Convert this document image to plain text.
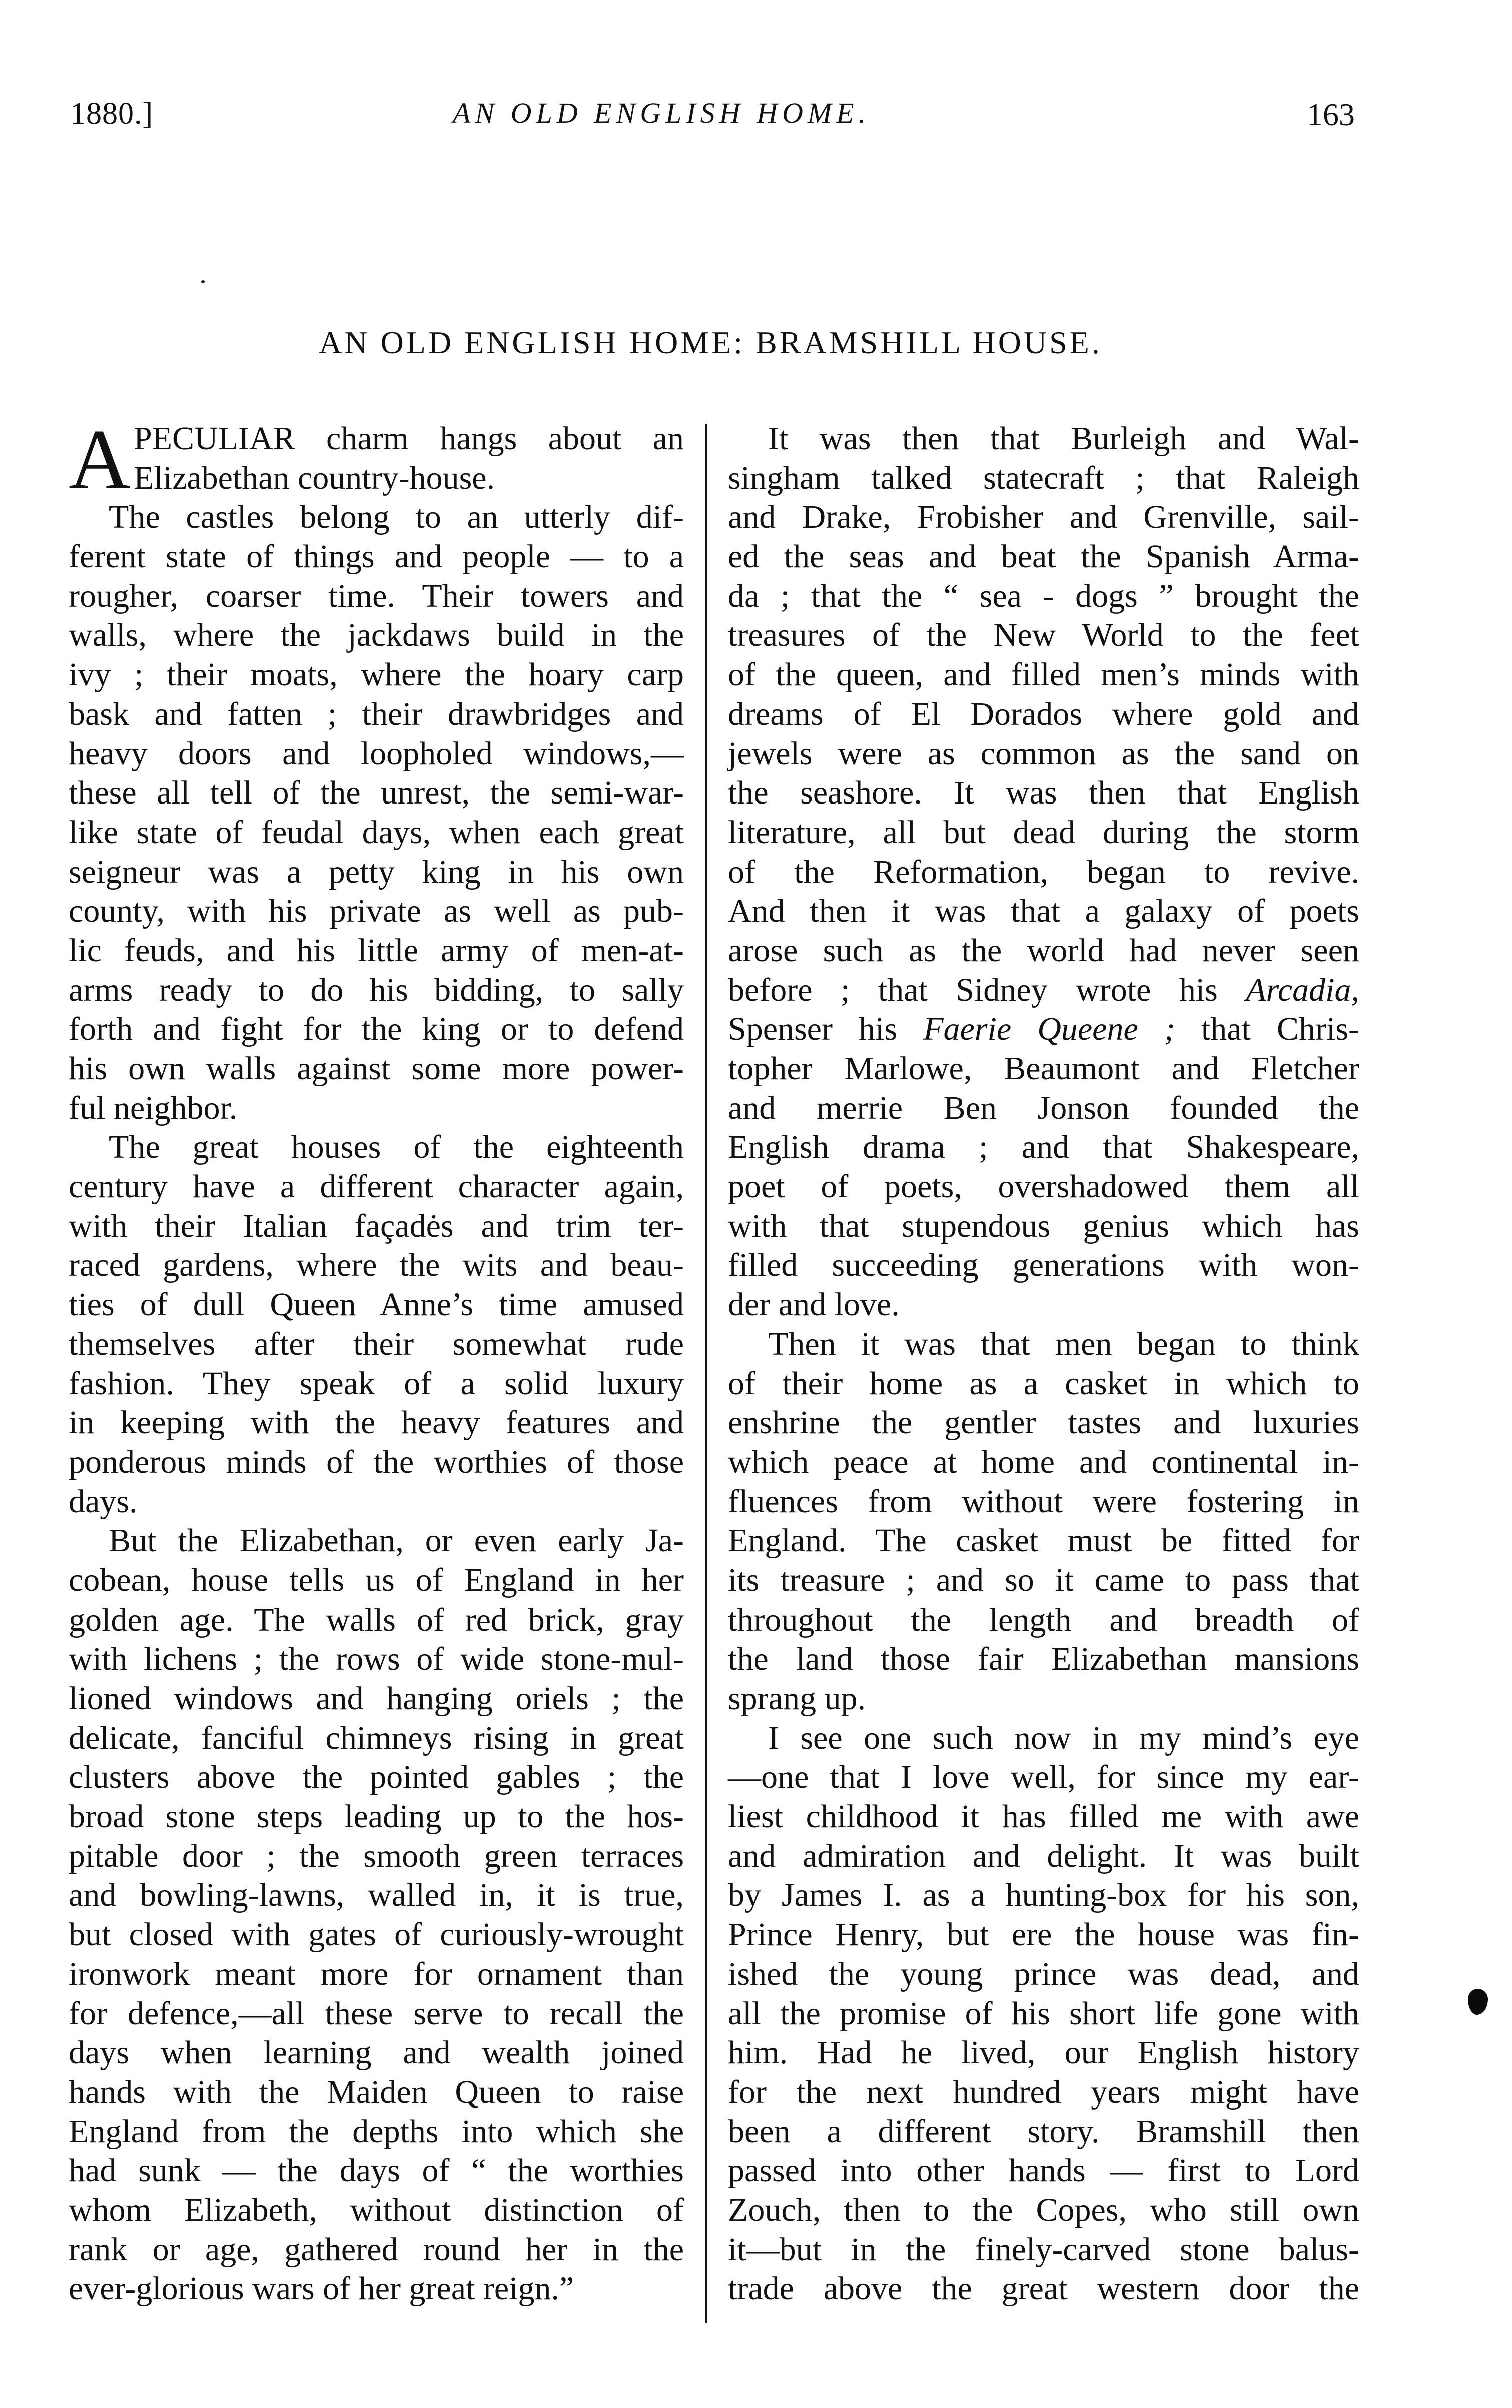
1880.]	AN OLD ENGLISH HOME.	163
AN OLD ENGLISH HOME: BRAMSHILL HOUSE.
A PECULIAR charm hangs about an
Elizabethan country-house.
The castles belong to an utterly dif-
ferent state of things and people — to a
rougher, coarser time. Their towers and
walls, where the jackdaws build in the
ivy ; their moats, where the hoary carp
bask and fatten ; their drawbridges and
heavy doors and loopholed windows,—
these all tell of the unrest, the semi-war-
like state of feudal days, when each great
seigneur was a petty king in his own
county, with his private as well as pub-
lic feuds, and his little army of men-at-
arms ready to do his bidding, to sally
forth and fight for the king or to defend
his own walls against some more power-
ful neighbor.
The great houses of the eighteenth
century have a different character again,
with their Italian façadės and trim ter-
raced gardens, where the wits and beau-
ties of dull Queen Anne’s time amused
themselves after their somewhat rude
fashion. They speak of a solid luxury
in keeping with the heavy features and
ponderous minds of the worthies of those
days.
But the Elizabethan, or even early Ja-
cobean, house tells us of England in her
golden age. The walls of red brick, gray
with lichens ; the rows of wide stone-mul-
lioned windows and hanging oriels ; the
delicate, fanciful chimneys rising in great
clusters above the pointed gables ; the
broad stone steps leading up to the hos-
pitable door ; the smooth green terraces
and bowling-lawns, walled in, it is true,
but closed with gates of curiously-wrought
ironwork meant more for ornament than
for defence,—all these serve to recall the
days when learning and wealth joined
hands with the Maiden Queen to raise
England from the depths into which she
had sunk — the days of “ the worthies
whom Elizabeth, without distinction of
rank or age, gathered round her in the
ever-glorious wars of her great reign.”
It was then that Burleigh and Wal-
singham talked statecraft ; that Raleigh
and Drake, Frobisher and Grenville, sail-
ed the seas and beat the Spanish Arma-
da ; that the “ sea - dogs ” brought the
treasures of the New World to the feet
of the queen, and filled men’s minds with
dreams of El Dorados where gold and
jewels were as common as the sand on
the seashore. It was then that English
literature, all but dead during the storm
of the Reformation, began to revive.
And then it was that a galaxy of poets
arose such as the world had never seen
before ; that Sidney wrote his Arcadia,
Spenser his Faerie Queene ; that Chris-
topher Marlowe, Beaumont and Fletcher
and merrie Ben Jonson founded the
English drama ; and that Shakespeare,
poet of poets, overshadowed them all
with that stupendous genius which has
filled succeeding generations with won-
der and love.
Then it was that men began to think
of their home as a casket in which to
enshrine the gentler tastes and luxuries
which peace at home and continental in-
fluences from without were fostering in
England. The casket must be fitted for
its treasure ; and so it came to pass that
throughout the length and breadth of
the land those fair Elizabethan mansions
sprang up.
I see one such now in my mind’s eye
—one that I love well, for since my ear-
liest childhood it has filled me with awe
and admiration and delight. It was built
by James I. as a hunting-box for his son,
Prince Henry, but ere the house was fin-
ished the young prince was dead, and
all the promise of his short life gone with
him. Had he lived, our English history
for the next hundred years might have
been a different story. Bramshill then
passed into other hands — first to Lord
Zouch, then to the Copes, who still own
it—but in the finely-carved stone balus-
trade above the great western door the
